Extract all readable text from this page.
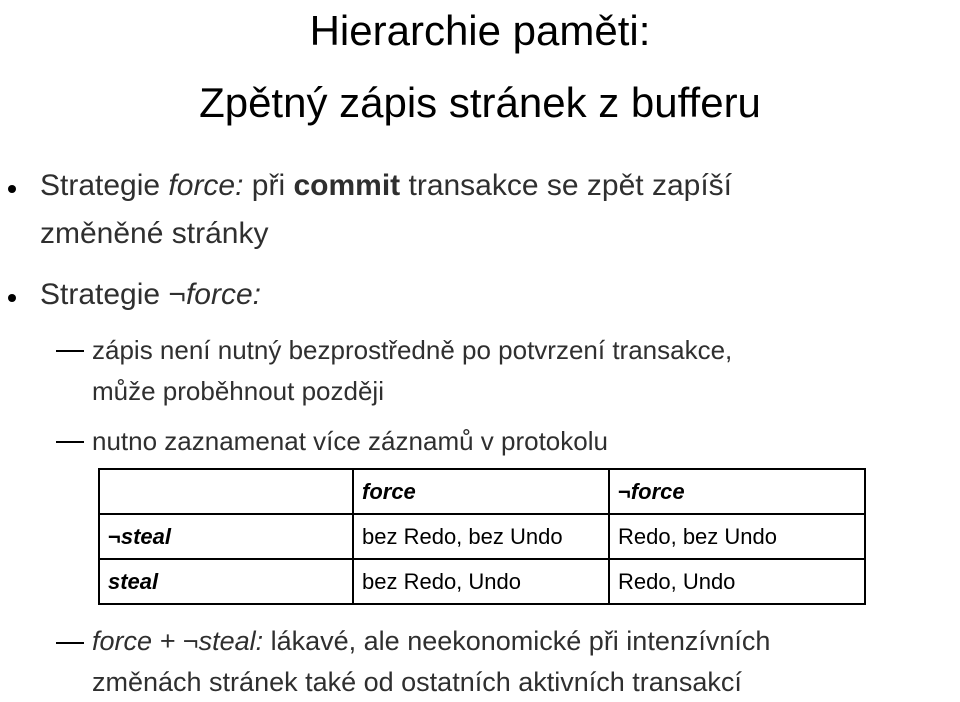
Hierarchie paměti:
Zpětný zápis stránek z bufferu
Strategie force: při commit transakce se zpět zapíší
změněné stránky
Strategie ¬force:
zápis není nutný bezprostředně po potvrzení transakce,
může proběhnout později
nutno zaznamenat více záznamů v protokolu
	force	¬force
¬steal	bez Redo, bez Undo	Redo, bez Undo
steal	bez Redo, Undo	Redo, Undo
force + ¬steal: lákavé, ale neekonomické při intenzívních
změnách stránek také od ostatních aktivních transakcí
